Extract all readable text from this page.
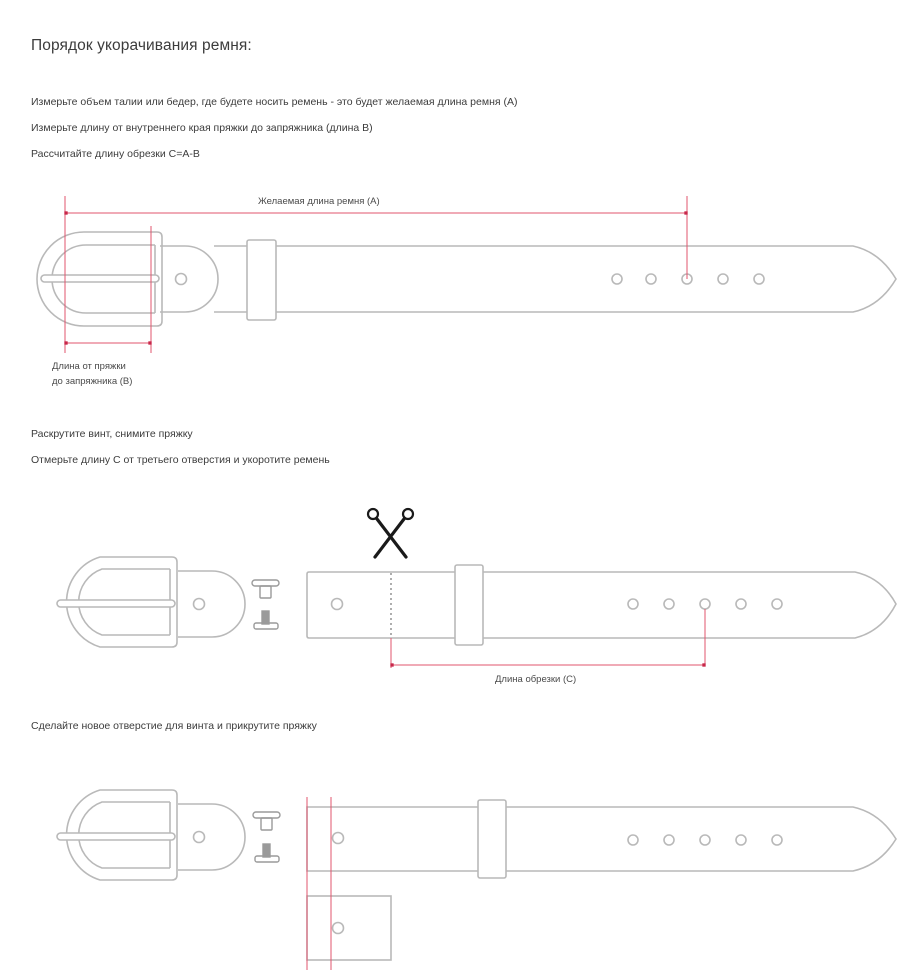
Порядок укорачивания ремня:
Измерьте объем талии или бедер, где будете носить ремень - это будет желаемая длина ремня (A)
Измерьте длину от внутреннего края пряжки до запряжника (длина B)
Рассчитайте длину обрезки C=A-B
Желаемая длина ремня (A)
Длина от пряжки
до запряжника (B)
Раскрутите винт, снимите пряжку
Отмерьте длину С от третьего отверстия и укоротите ремень
Длина обрезки (C)
Сделайте новое отверстие для винта и прикрутите пряжку
